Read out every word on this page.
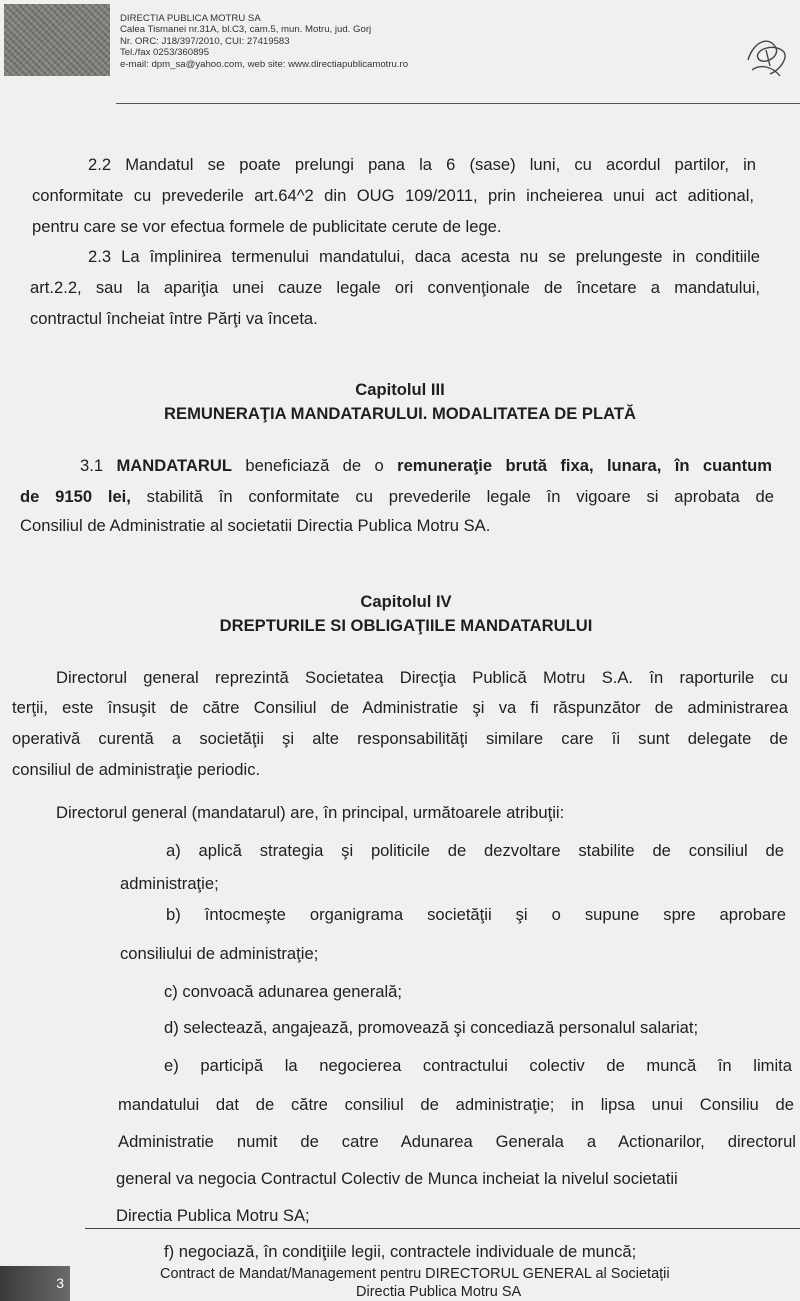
DIRECTIA PUBLICA MOTRU SA
Calea Tismanei nr.31A, bl.C3, cam.5, mun. Motru, jud. Gorj
Nr. ORC: J18/397/2010, CUI: 27419583
Tel./fax 0253/360895
e-mail: dpm_sa@yahoo.com, web site: www.directiapublicamotru.ro
2.2 Mandatul se poate prelungi pana la 6 (sase) luni, cu acordul partilor, in
conformitate cu prevederile art.64^2 din OUG 109/2011, prin incheierea unui act aditional,
pentru care se vor efectua formele de publicitate cerute de lege.
2.3 La împlinirea termenului mandatului, daca acesta nu se prelungeste in conditiile
art.2.2, sau la apariţia unei cauze legale ori convenţionale de încetare a mandatului,
contractul încheiat între Părţi va înceta.
Capitolul III
REMUNERAŢIA MANDATARULUI. MODALITATEA DE PLATĂ
3.1 MANDATARUL beneficiază de o remuneraţie brută fixa, lunara, în cuantum
de 9150 lei, stabilită în conformitate cu prevederile legale în vigoare si aprobata de
Consiliul de Administratie al societatii Directia Publica Motru SA.
Capitolul IV
DREPTURILE SI OBLIGAŢIILE MANDATARULUI
Directorul general reprezintă Societatea Direcţia Publică Motru S.A. în raporturile cu
terţii, este însuşit de către Consiliul de Administratie şi va fi răspunzător de administrarea
operativă curentă a societăţii şi alte responsabilităţi similare care îi sunt delegate de
consiliul de administraţie periodic.
Directorul general (mandatarul) are, în principal, următoarele atribuţii:
a) aplică strategia şi politicile de dezvoltare stabilite de consiliul de
administraţie;
b) întocmeşte organigrama societăţii şi o supune spre aprobare
consiliului de administraţie;
c) convoacă adunarea generală;
d) selectează, angajează, promovează şi concediază personalul salariat;
e) participă la negocierea contractului colectiv de muncă în limita
mandatului dat de către consiliul de administraţie; in lipsa unui Consiliu de
Administratie numit de catre Adunarea Generala a Actionarilor, directorul
general va negocia Contractul Colectiv de Munca incheiat la nivelul societatii
Directia Publica Motru SA;
f) negociază, în condiţiile legii, contractele individuale de muncă;
3
Contract de Mandat/Management pentru DIRECTORUL GENERAL al Societații
Directia Publica Motru SA
